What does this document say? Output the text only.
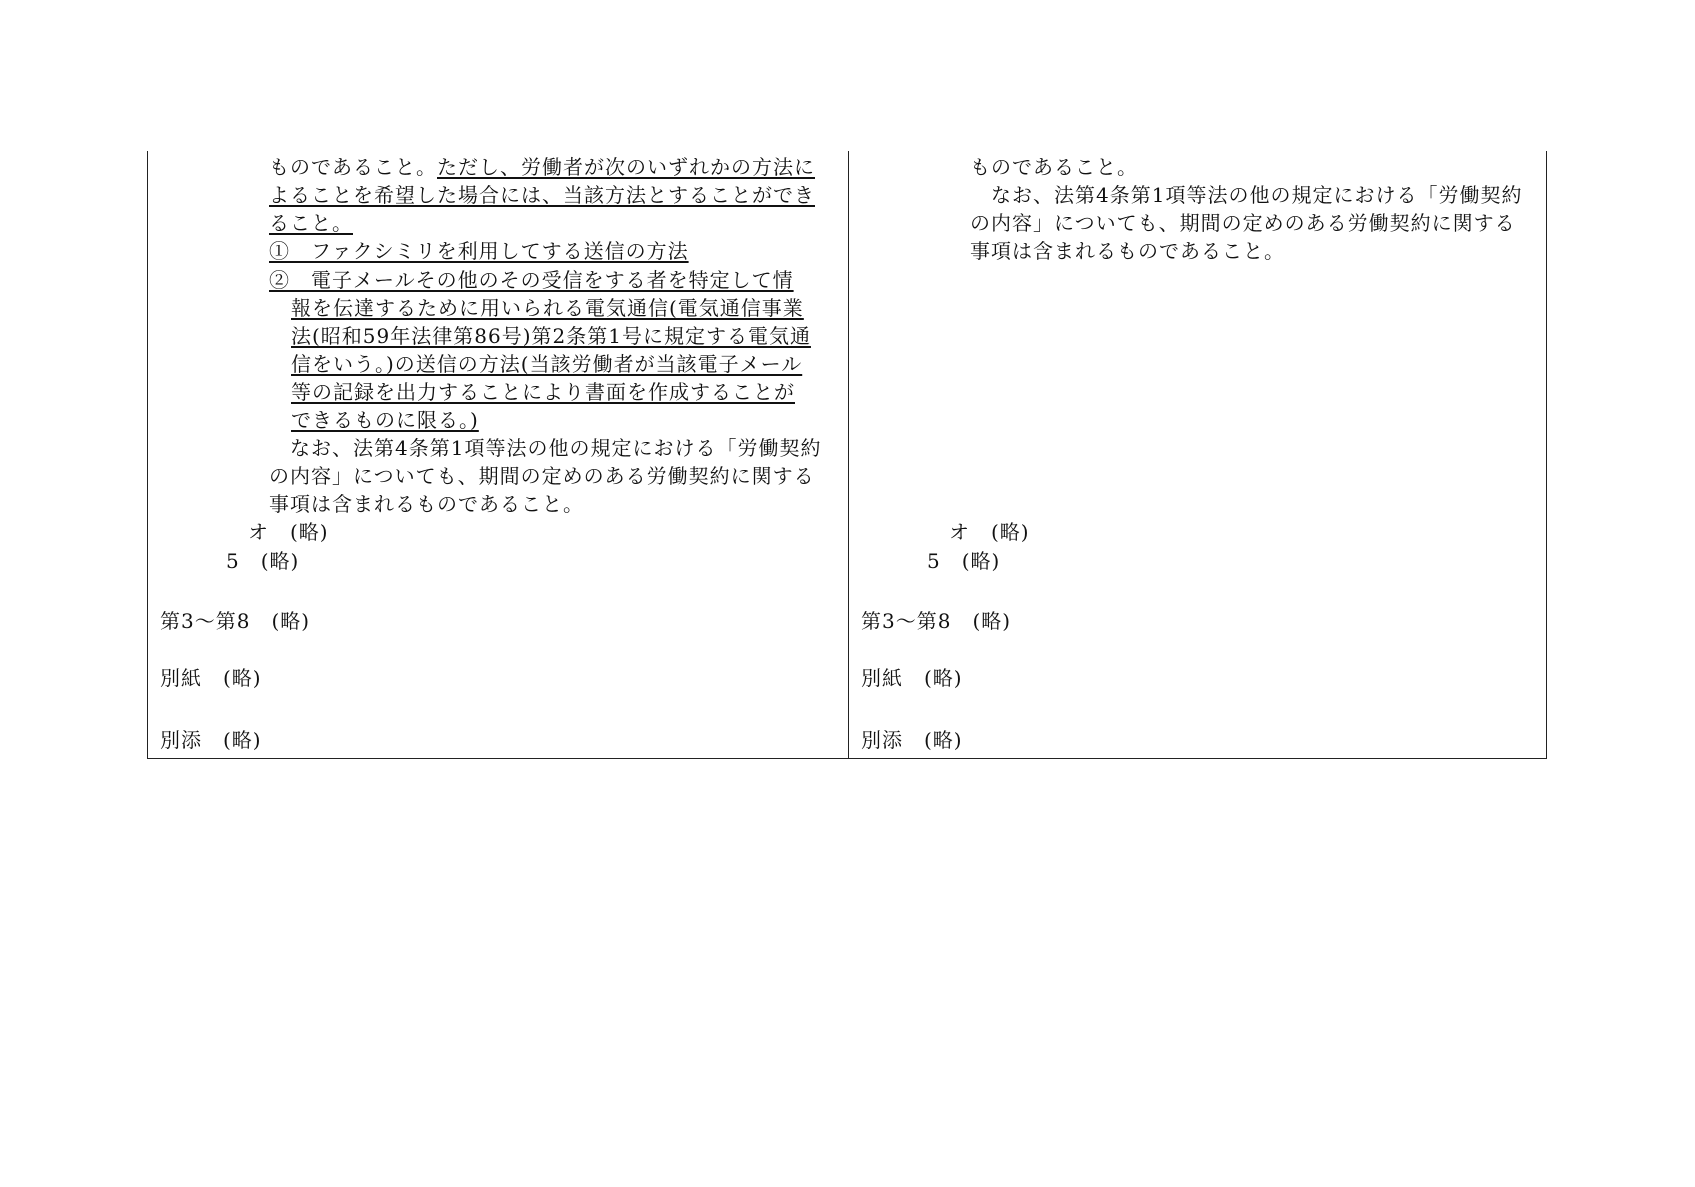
ものであること。ただし、労働者が次のいずれかの方法に
よることを希望した場合には、当該方法とすることができ
ること。
①　ファクシミリを利用してする送信の方法
②　電子メールその他のその受信をする者を特定して情
報を伝達するために用いられる電気通信(電気通信事業
法(昭和59年法律第86号)第2条第1号に規定する電気通
信をいう。)の送信の方法(当該労働者が当該電子メール
等の記録を出力することにより書面を作成することが
できるものに限る。)
　なお、法第4条第1項等法の他の規定における「労働契約
の内容」についても、期間の定めのある労働契約に関する
事項は含まれるものであること。
オ　(略)
5　(略)
第3〜第8　(略)
別紙　(略)
別添　(略)
ものであること。
　なお、法第4条第1項等法の他の規定における「労働契約
の内容」についても、期間の定めのある労働契約に関する
事項は含まれるものであること。
オ　(略)
5　(略)
第3〜第8　(略)
別紙　(略)
別添　(略)
